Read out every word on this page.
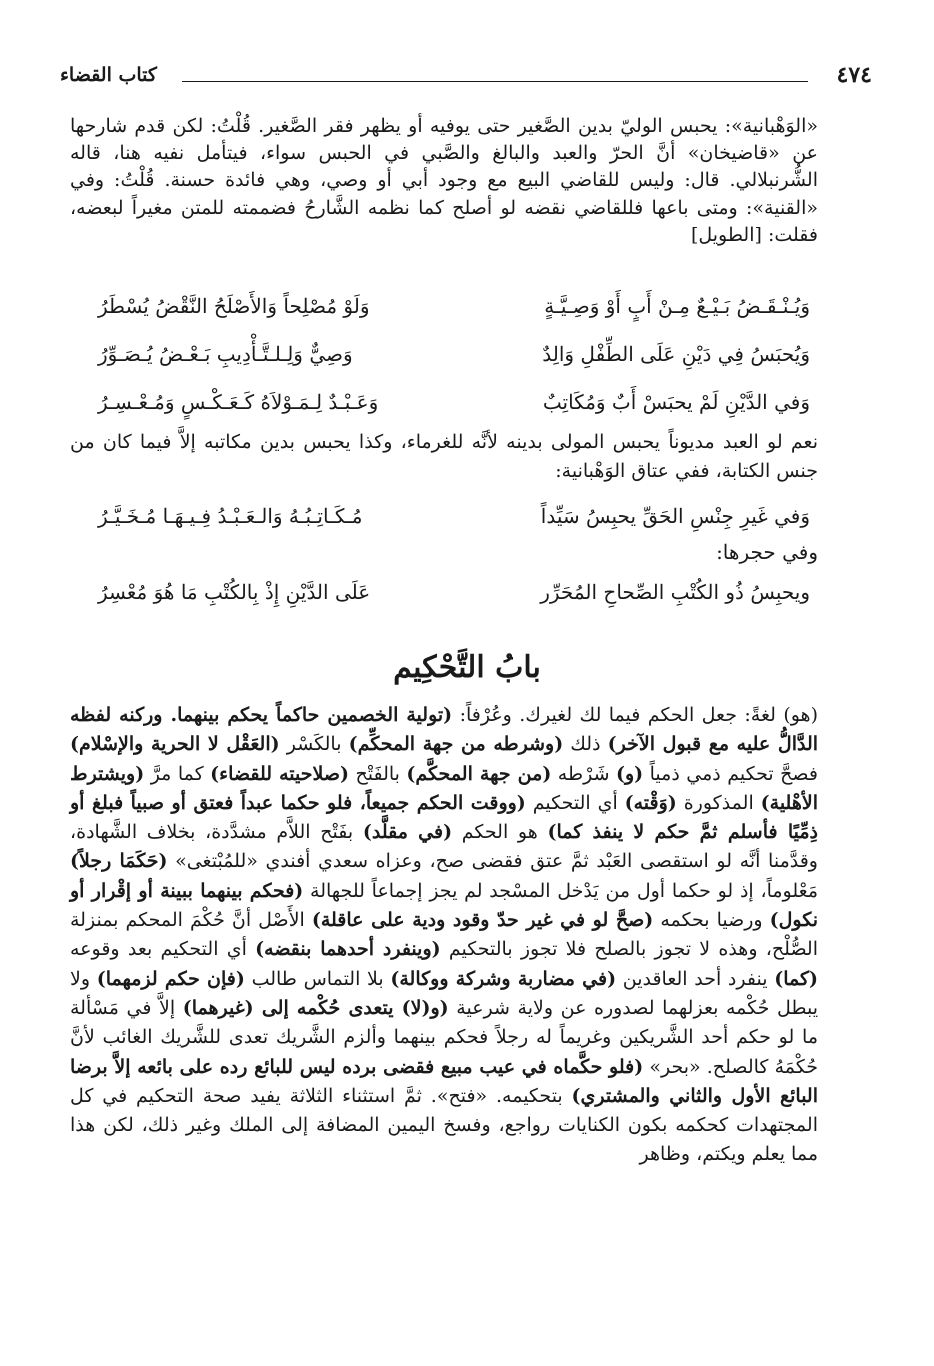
٤٧٤
كتاب القضاء

«الوَهْبانية»: يحبس الوليّ بدين الصَّغير حتى يوفيه أو يظهر فقر الصَّغير. قُلْتُ: لكن قدم شارحها عن «قاضيخان» أنَّ الحرّ والعبد والبالغ والصَّبي في الحبس سواء، فيتأمل نفيه هنا، قاله الشُّرنبلالي. قال: وليس للقاضي البيع مع وجود أبي أو وصي، وهي فائدة حسنة. قُلْتُ: وفي «القنية»: ومتى باعها فللقاضي نقضه لو أصلح كما نظمه الشَّارحُ فضممته للمتن مغيراً لبعضه، فقلت: [الطويل]

وَيُـنْـقَـضُ بَـيْـعٌ مِـنْ أَبٍ أَوْ وَصِـيَّـةٍ
وَلَوْ مُصْلِحاً وَالأَصْلَحُ النَّقْضُ يُسْطَرُ
وَيُحبَسُ فِي دَيْنِ عَلَى الطِّفْلِ وَالِدٌ
وَصِيٌّ وَلِـلـتَّـأْدِيبِ بَـعْـضُ يُـصَـوِّرُ
وَفي الدَّيْنِ لَمْ يحبَسْ أَبٌ وَمُكَاتِبٌ
وَعَـبْـدٌ لِـمَـوْلاَهُ كَـعَـكْـسٍ وَمُـعْـسِـرُ

نعم لو العبد مديوناً يحبس المولى بدينه لأنَّه للغرماء، وكذا يحبس بدين مكاتبه إلاَّ فيما كان من جنس الكتابة، ففي عتاق الوَهْبانية:

وَفي غَيرِ جِنْسِ الحَقِّ يحبِسُ سَيِّداً
مُـكَـاتِـبُـهُ وَالـعَـبْـدُ فِـيـهَـا مُـخَـيَّـرُ
وفي حجرها:
ويحبِسُ ذُو الكُتْبِ الصِّحاحِ المُحَرِّر
عَلَى الدَّيْنِ إِذْ بِالكُتْبِ مَا هُوَ مُعْسِرُ
بابُ التَّحْكِيم

(هو) لغةً: جعل الحكم فيما لك لغيرك. وعُرْفاً: (تولية الخصمين حاكماً يحكم بينهما. وركنه لفظه الدَّالُّ عليه مع قبول الآخر) ذلك (وشرطه من جهة المحكِّم) بالكَسْر (العَقْل لا الحرية والإسْلام) فصحَّ تحكيم ذمي ذمياً (و) شَرْطه (من جهة المحكَّم) بالفَتْح (صلاحيته للقضاء) كما مرَّ (ويشترط الأهْلية) المذكورة (وَقْته) أي التحكيم (ووقت الحكم جميعاً، فلو حكما عبداً فعتق أو صبياً فبلغ أو ذِمِّيًا فأسلم ثمَّ حكم لا ينفذ كما) هو الحكم (في مقلَّد) بفَتْح اللاَّم مشدَّدة، بخلاف الشَّهادة، وقدَّمنا أنَّه لو استقصى العَبْد ثمَّ عتق فقضى صح، وعزاه سعدي أفندي «للمُبْتغى» (حَكَمَا رجلاً) مَعْلوماً، إذ لو حكما أول من يَدْخل المسْجد لم يجز إجماعاً للجهالة (فحكم بينهما ببينة أو إقْرار أو نكول) ورضيا بحكمه (صحَّ لو في غير حدّ وقود ودية على عاقلة) الأَصْل أنَّ حُكْمَ المحكم بمنزلة الصُّلْح، وهذه لا تجوز بالصلح فلا تجوز بالتحكيم (وينفرد أحدهما بنقضه) أي التحكيم بعد وقوعه (كما) ينفرد أحد العاقدين (في مضاربة وشركة ووكالة) بلا التماس طالب (فإن حكم لزمهما) ولا يبطل حُكْمه بعزلهما لصدوره عن ولاية شرعية (و(لا) يتعدى حُكْمه إلى (غيرهما) إلاَّ في مَسْألة ما لو حكم أحد الشَّريكين وغريماً له رجلاً فحكم بينهما وألزم الشَّريك تعدى للشَّريك الغائب لأنَّ حُكْمَهُ كالصلح. «بحر» (فلو حكَّماه في عيب مبيع فقضى برده ليس للبائع رده على بائعه إلاَّ برضا البائع الأول والثاني والمشتري) بتحكيمه. «فتح». ثمَّ استثناء الثلاثة يفيد صحة التحكيم في كل المجتهدات كحكمه بكون الكنايات رواجع، وفسخ اليمين المضافة إلى الملك وغير ذلك، لكن هذا مما يعلم ويكتم، وظاهر
